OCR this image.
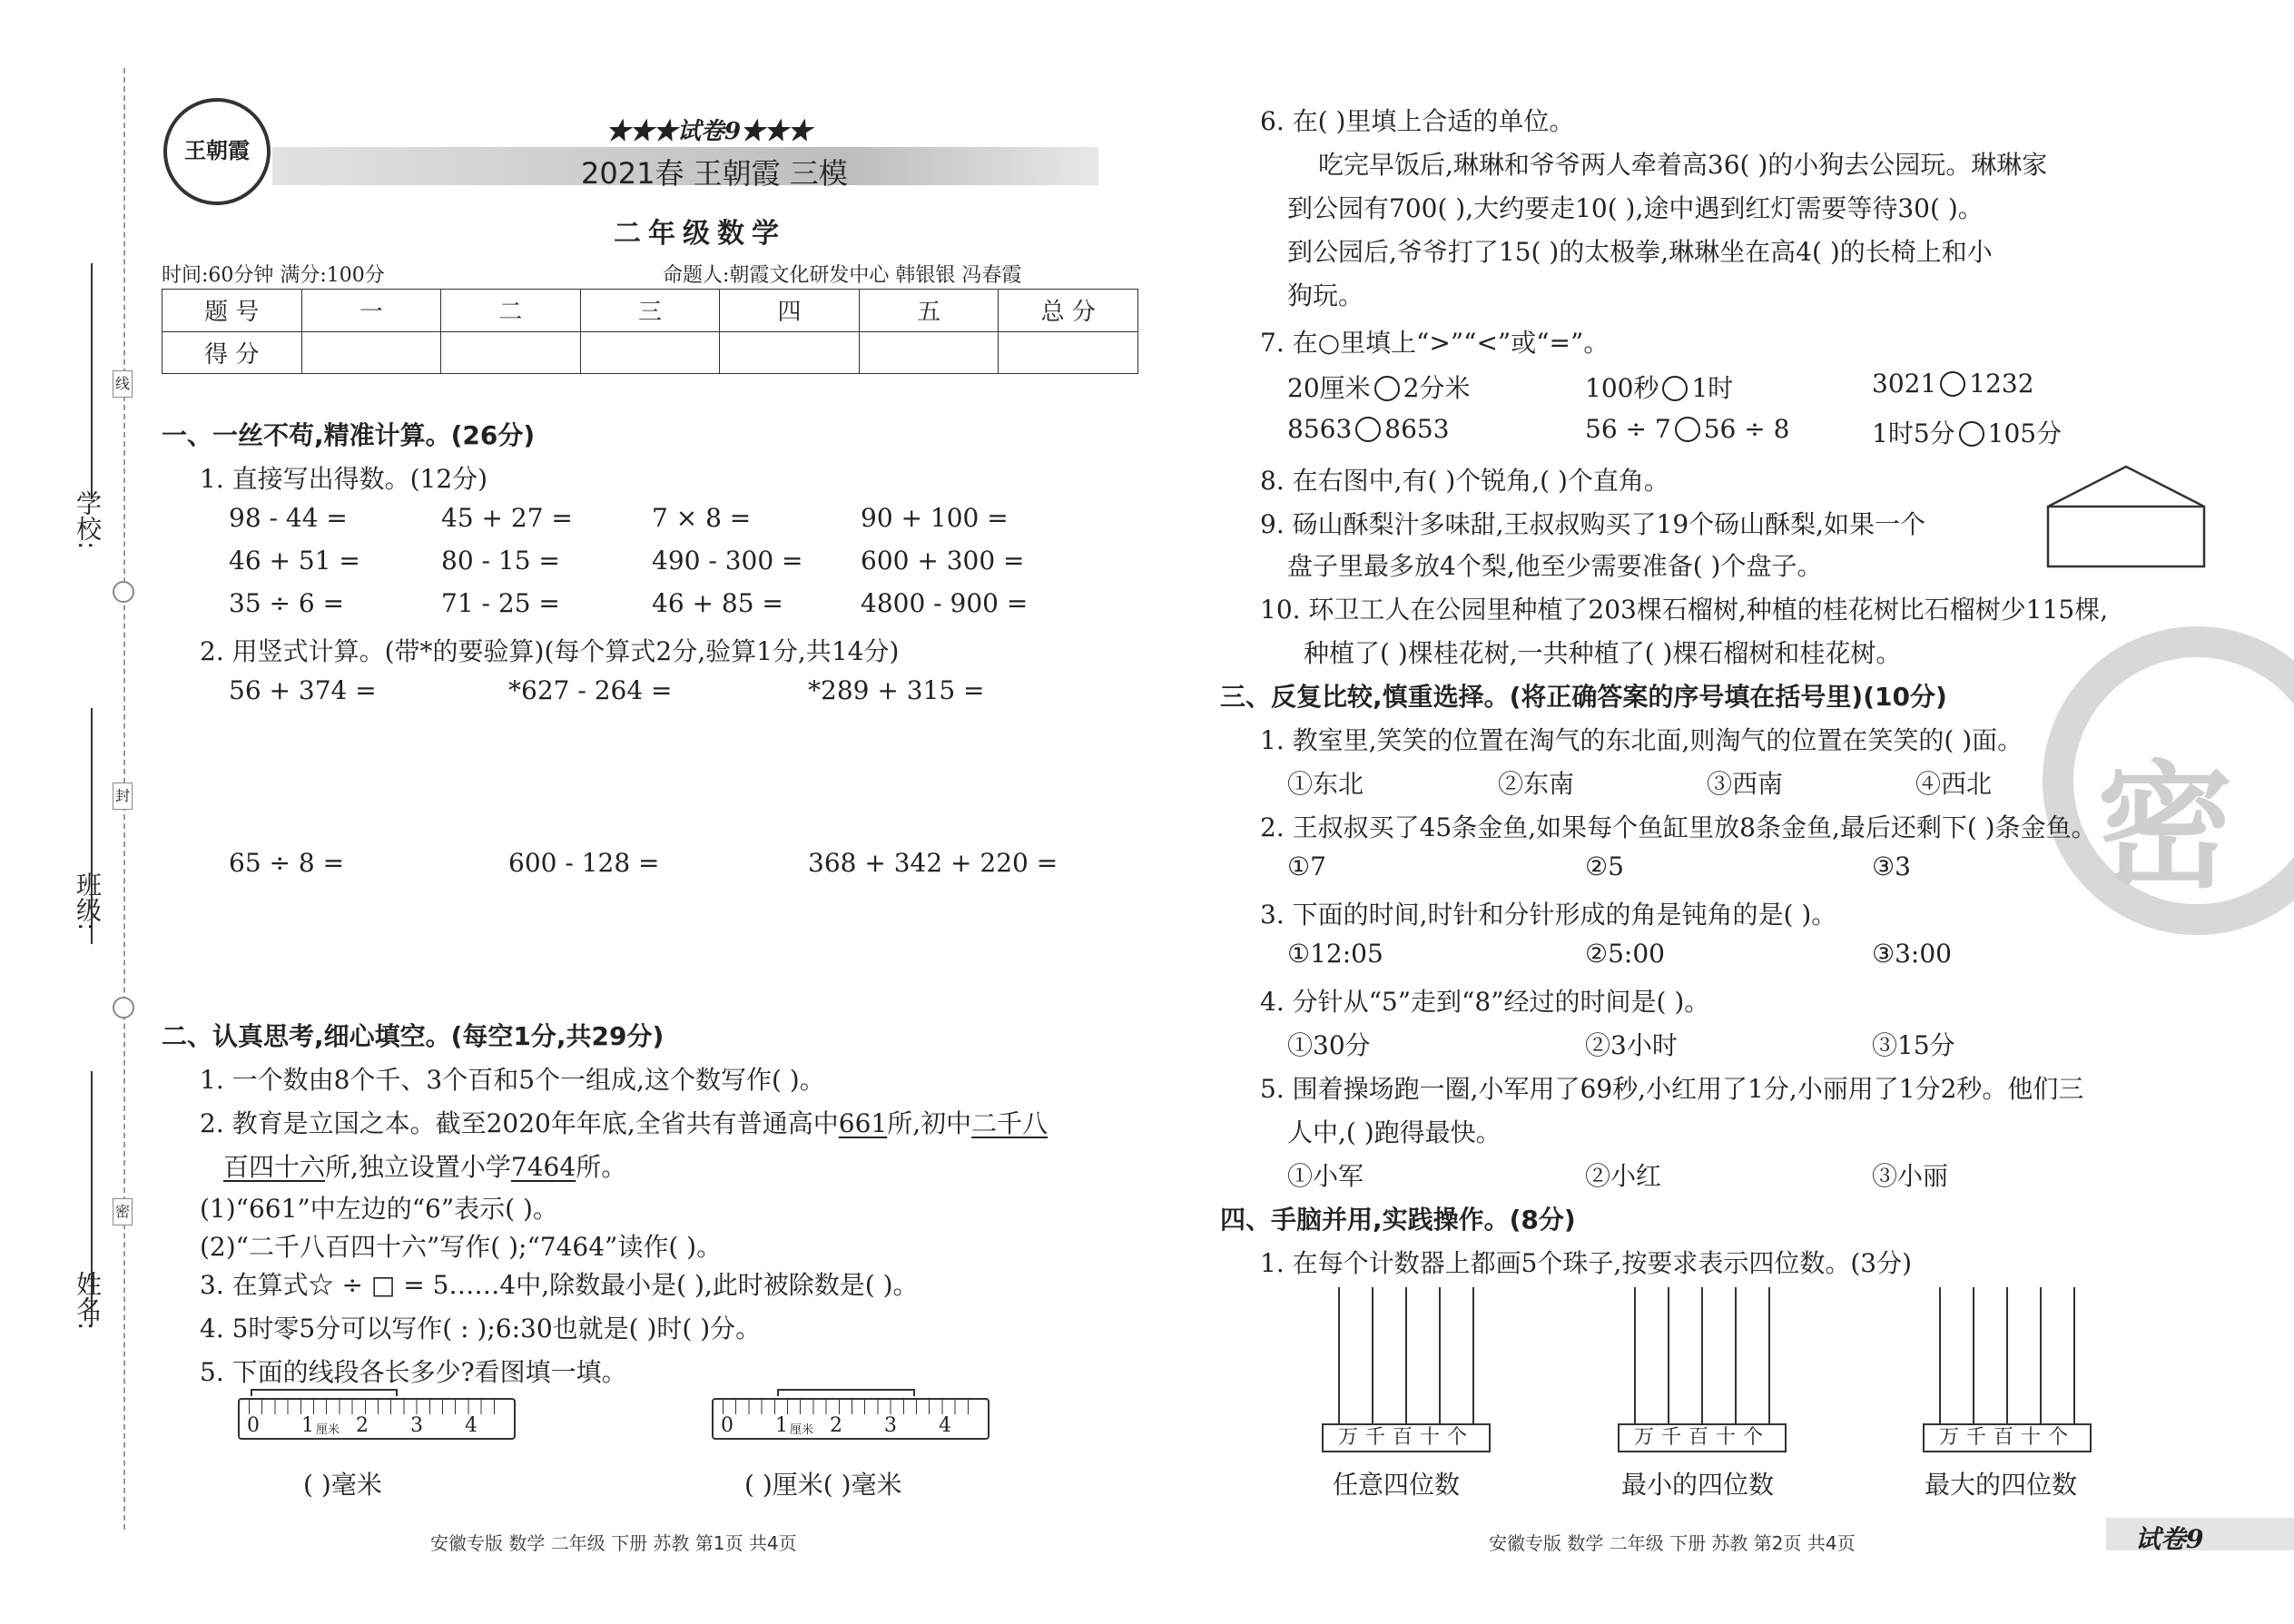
学校:
班级:
姓名:
线
封
密
王朝霞
★★★试卷9★★★
2021春 王朝霞 三模
二年级数学
时间:60分钟 满分:100分	命题人:朝霞文化研发中心 韩银银 冯春霞
题 号	一	二	三	四	五	总 分
得 分						
一、一丝不苟,精准计算。(26分)
1. 直接写出得数。(12分)
98 - 44 =	45 + 27 =	7 × 8 =	90 + 100 =
46 + 51 =	80 - 15 =	490 - 300 = 600 + 300 =
35 ÷ 6 =	71 - 25 =	46 + 85 =	4800 - 900 =
2. 用竖式计算。(带*的要验算)(每个算式2分,验算1分,共14分)
56 + 374 =	*627 - 264 =	*289 + 315 =
65 ÷ 8 =	600 - 128 =	368 + 342 + 220 =
二、认真思考,细心填空。(每空1分,共29分)
1. 一个数由8个千、3个百和5个一组成,这个数写作( )。
2. 教育是立国之本。截至2020年年底,全省共有普通高中661所,初中二千八
百四十六所,独立设置小学7464所。
(1)“661”中左边的“6”表示( )。
(2)“二千八百四十六”写作( );“7464”读作( )。
3. 在算式☆ ÷ □ = 5……4中,除数最小是( ),此时被除数是( )。
4. 5时零5分可以写作( : );6:30也就是( )时( )分。
5. 下面的线段各长多少?看图填一填。
0 1 厘米 2 3 4	0 1 厘米 2 3 4
( )毫米	( )厘米( )毫米
安徽专版 数学 二年级 下册 苏教 第1页 共4页
密
6. 在( )里填上合适的单位。
吃完早饭后,琳琳和爷爷两人牵着高36( )的小狗去公园玩。琳琳家
到公园有700( ),大约要走10( ),途中遇到红灯需要等待30( )。
到公园后,爷爷打了15( )的太极拳,琳琳坐在高4( )的长椅上和小
狗玩。
7. 在○里填上“>”“<”或“=”。
20厘米 2分米	100秒 1时	3021 1232
8563 8653	56 ÷ 7 56 ÷ 8	1时5分 105分
8. 在右图中,有( )个锐角,( )个直角。
9. 砀山酥梨汁多味甜,王叔叔购买了19个砀山酥梨,如果一个
盘子里最多放4个梨,他至少需要准备( )个盘子。
10. 环卫工人在公园里种植了203棵石榴树,种植的桂花树比石榴树少115棵,
种植了( )棵桂花树,一共种植了( )棵石榴树和桂花树。
三、反复比较,慎重选择。(将正确答案的序号填在括号里)(10分)
1. 教室里,笑笑的位置在淘气的东北面,则淘气的位置在笑笑的( )面。
①东北	②东南	③西南	④西北
2. 王叔叔买了45条金鱼,如果每个鱼缸里放8条金鱼,最后还剩下( )条金鱼。
①7	②5	③3
3. 下面的时间,时针和分针形成的角是钝角的是( )。
①12:05	②5:00	③3:00
4. 分针从“5”走到“8”经过的时间是( )。
①30分	②3小时	③15分
5. 围着操场跑一圈,小军用了69秒,小红用了1分,小丽用了1分2秒。他们三
人中,( )跑得最快。
①小军	②小红	③小丽
四、手脑并用,实践操作。(8分)
1. 在每个计数器上都画5个珠子,按要求表示四位数。(3分)
万千百十个	万千百十个	万千百十个
任意四位数	最小的四位数	最大的四位数
安徽专版 数学 二年级 下册 苏教 第2页 共4页	试卷9
